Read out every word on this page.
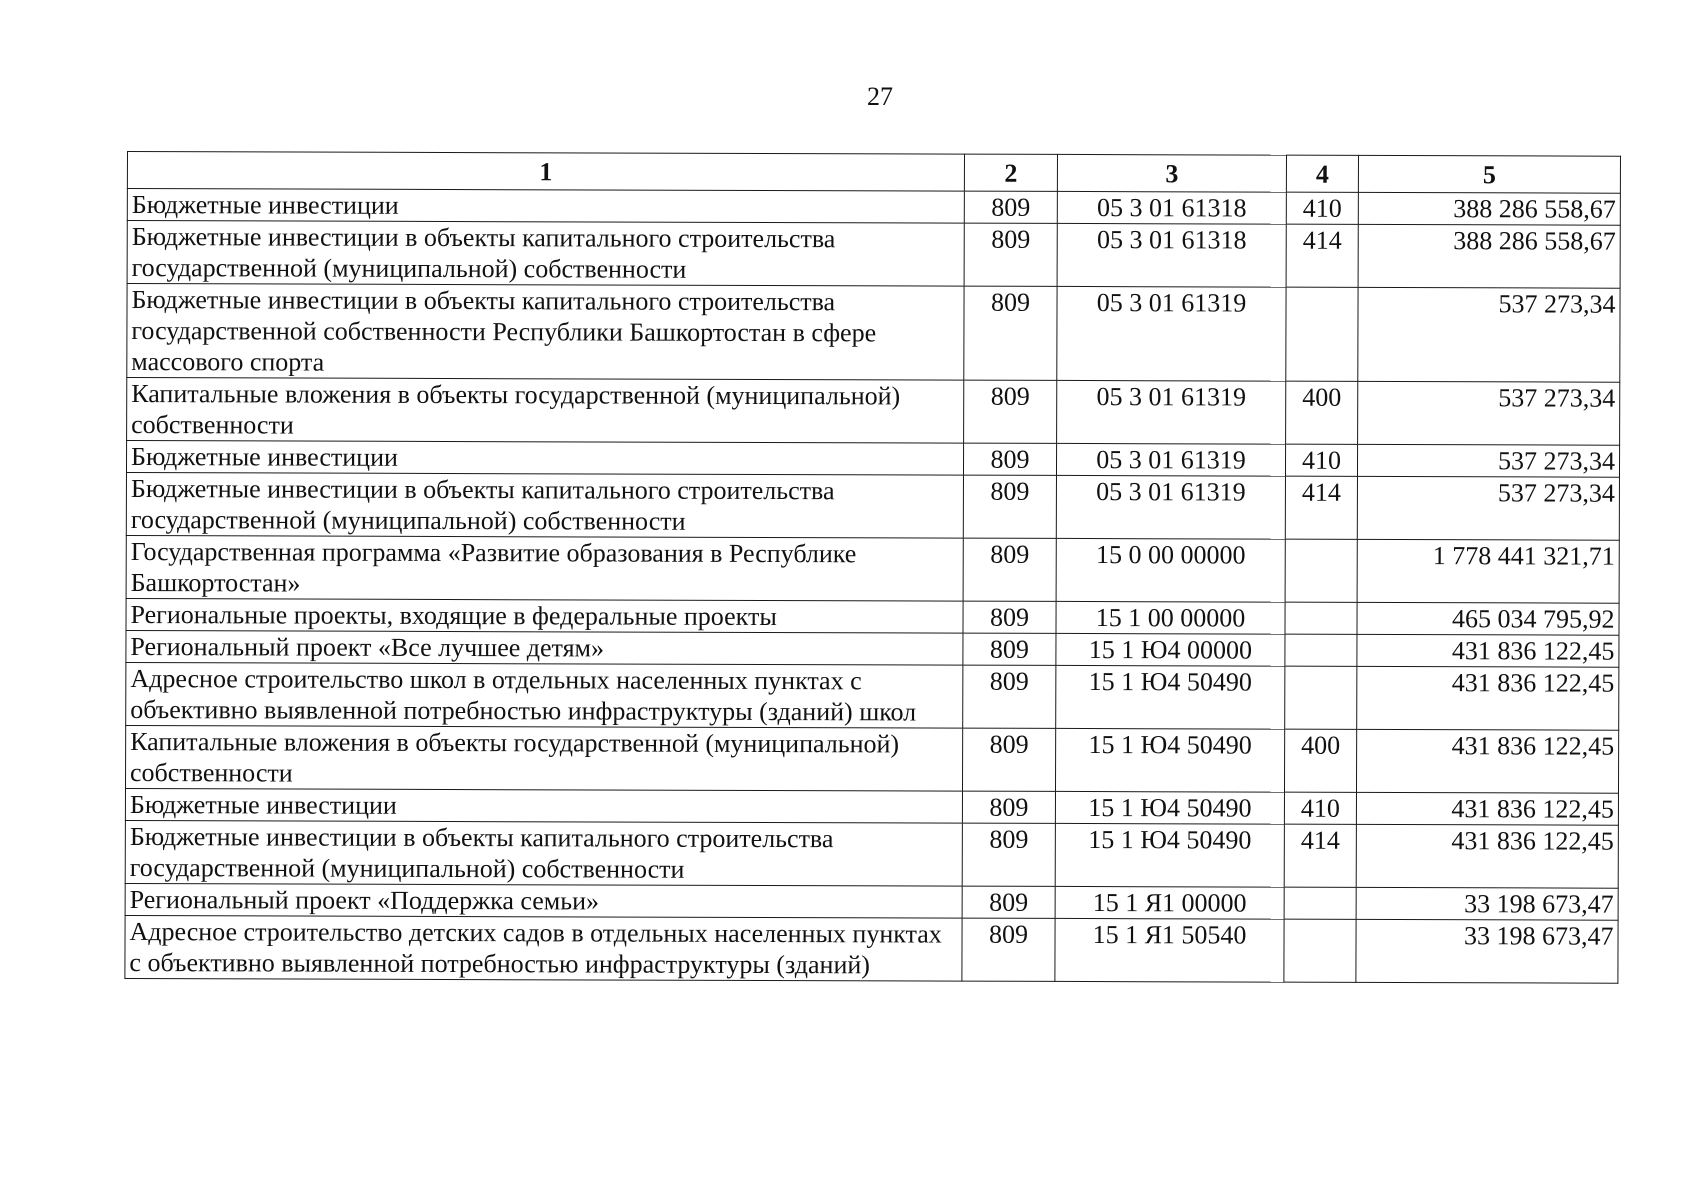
27
1	2	3	4	5
Бюджетные инвестиции	809	05 3 01 61318	410	388 286 558,67
Бюджетные инвестиции в объекты капитального строительства государственной (муниципальной) собственности	809	05 3 01 61318	414	388 286 558,67
Бюджетные инвестиции в объекты капитального строительства государственной собственности Республики Башкортостан в сфере массового спорта	809	05 3 01 61319		537 273,34
Капитальные вложения в объекты государственной (муниципальной) собственности	809	05 3 01 61319	400	537 273,34
Бюджетные инвестиции	809	05 3 01 61319	410	537 273,34
Бюджетные инвестиции в объекты капитального строительства государственной (муниципальной) собственности	809	05 3 01 61319	414	537 273,34
Государственная программа «Развитие образования в Республике Башкортостан»	809	15 0 00 00000		1 778 441 321,71
Региональные проекты, входящие в федеральные проекты	809	15 1 00 00000		465 034 795,92
Региональный проект «Все лучшее детям»	809	15 1 Ю4 00000		431 836 122,45
Адресное строительство школ в отдельных населенных пунктах с объективно выявленной потребностью инфраструктуры (зданий) школ	809	15 1 Ю4 50490		431 836 122,45
Капитальные вложения в объекты государственной (муниципальной) собственности	809	15 1 Ю4 50490	400	431 836 122,45
Бюджетные инвестиции	809	15 1 Ю4 50490	410	431 836 122,45
Бюджетные инвестиции в объекты капитального строительства государственной (муниципальной) собственности	809	15 1 Ю4 50490	414	431 836 122,45
Региональный проект «Поддержка семьи»	809	15 1 Я1 00000		33 198 673,47
Адресное строительство детских садов в отдельных населенных пунктах с объективно выявленной потребностью инфраструктуры (зданий)	809	15 1 Я1 50540		33 198 673,47
